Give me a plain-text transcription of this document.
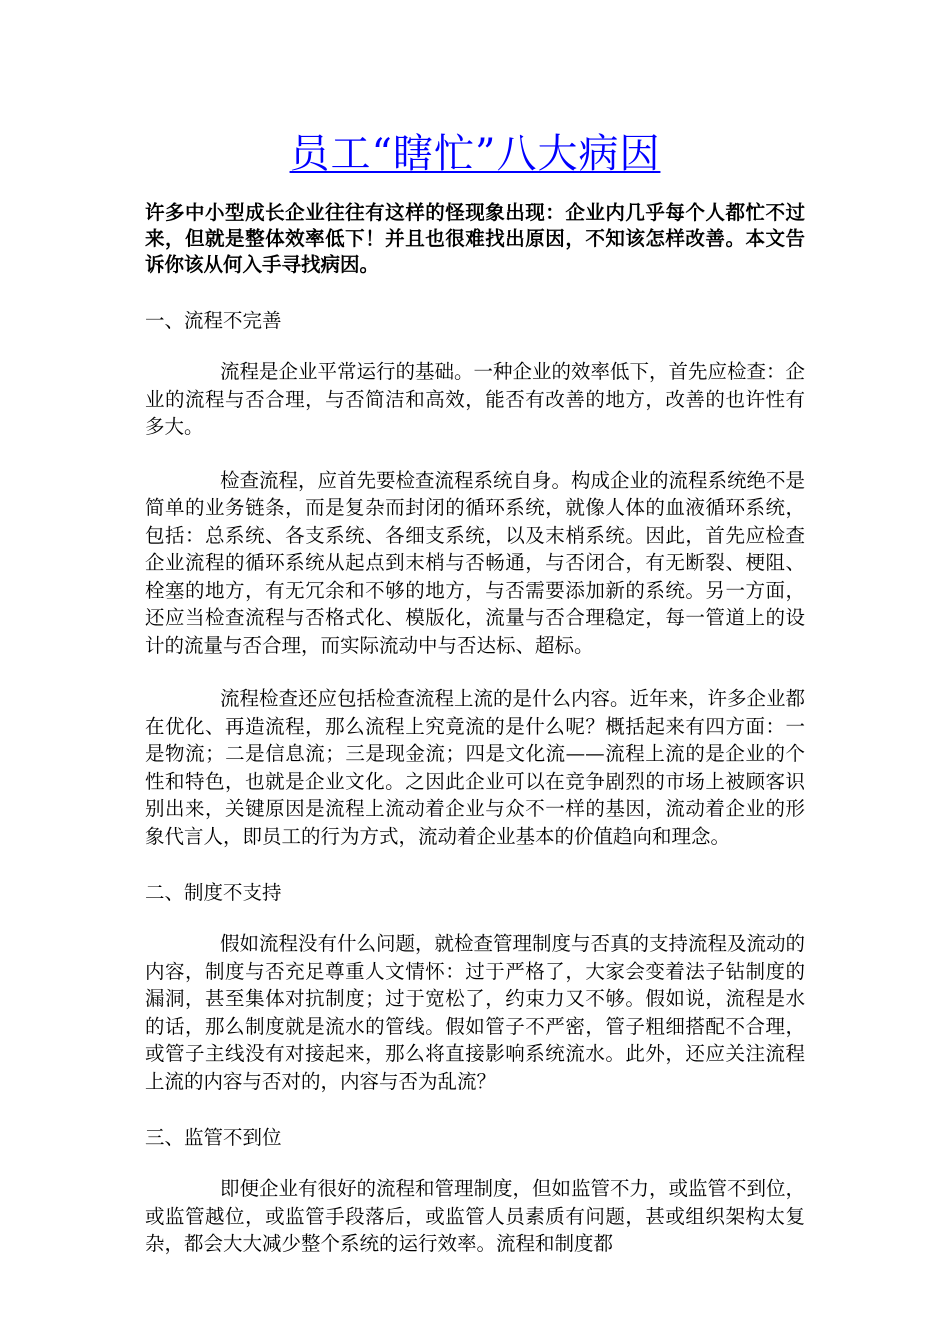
员工“瞎忙”八大病因
许多中小型成长企业往往有这样的怪现象出现：企业内几乎每个人都忙不过来，但就是整体效率低下！并且也很难找出原因，不知该怎样改善。本文告诉你该从何入手寻找病因。
一、流程不完善
流程是企业平常运行的基础。一种企业的效率低下，首先应检查：企业的流程与否合理，与否简洁和高效，能否有改善的地方，改善的也许性有多大。
检查流程，应首先要检查流程系统自身。构成企业的流程系统绝不是简单的业务链条，而是复杂而封闭的循环系统，就像人体的血液循环系统，包括：总系统、各支系统、各细支系统，以及末梢系统。因此，首先应检查企业流程的循环系统从起点到末梢与否畅通，与否闭合，有无断裂、梗阻、栓塞的地方，有无冗余和不够的地方，与否需要添加新的系统。另一方面，还应当检查流程与否格式化、模版化，流量与否合理稳定，每一管道上的设计的流量与否合理，而实际流动中与否达标、超标。
流程检查还应包括检查流程上流的是什么内容。近年来，许多企业都在优化、再造流程，那么流程上究竟流的是什么呢？概括起来有四方面：一是物流；二是信息流；三是现金流；四是文化流——流程上流的是企业的个性和特色，也就是企业文化。之因此企业可以在竞争剧烈的市场上被顾客识别出来，关键原因是流程上流动着企业与众不一样的基因，流动着企业的形象代言人，即员工的行为方式，流动着企业基本的价值趋向和理念。
二、制度不支持
假如流程没有什么问题，就检查管理制度与否真的支持流程及流动的内容，制度与否充足尊重人文情怀：过于严格了，大家会变着法子钻制度的漏洞，甚至集体对抗制度；过于宽松了，约束力又不够。假如说，流程是水的话，那么制度就是流水的管线。假如管子不严密，管子粗细搭配不合理，或管子主线没有对接起来，那么将直接影响系统流水。此外，还应关注流程上流的内容与否对的，内容与否为乱流？
三、监管不到位
即便企业有很好的流程和管理制度，但如监管不力，或监管不到位，或监管越位，或监管手段落后，或监管人员素质有问题，甚或组织架构太复杂，都会大大减少整个系统的运行效率。流程和制度都
